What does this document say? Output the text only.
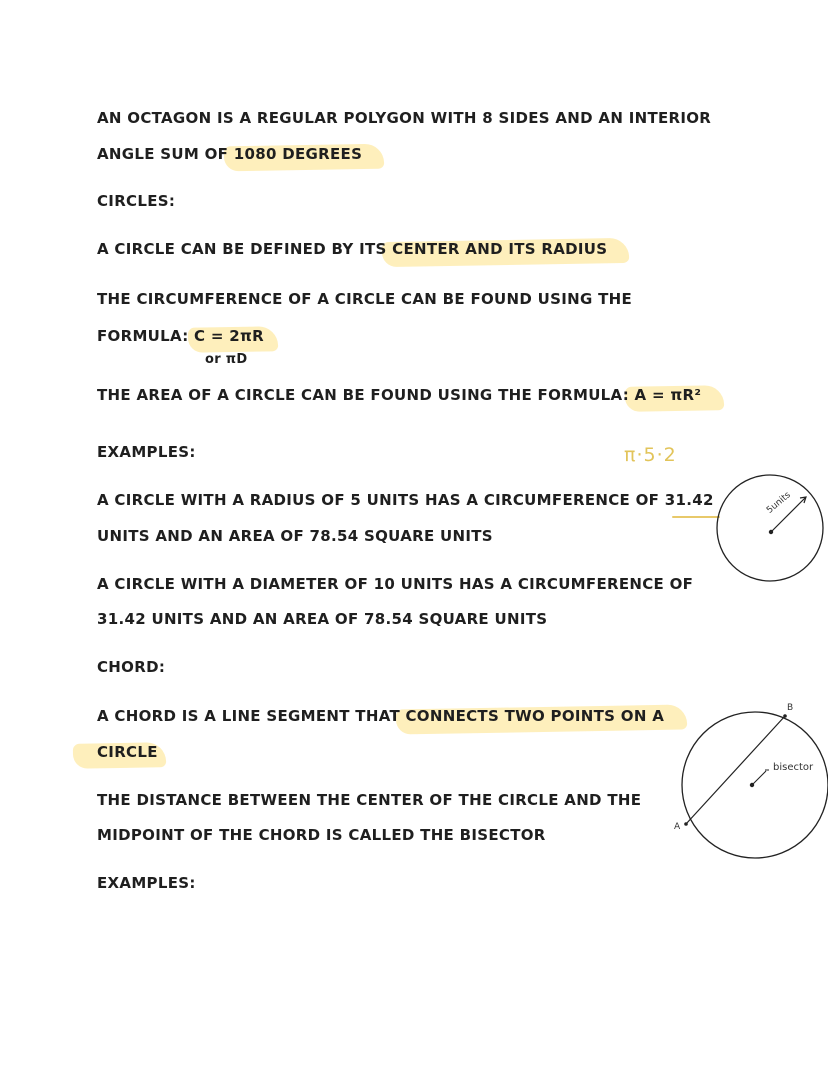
AN OCTAGON IS A REGULAR POLYGON WITH 8 SIDES AND AN INTERIOR
ANGLE SUM OF 1080 DEGREES
CIRCLES:
A CIRCLE CAN BE DEFINED BY ITS CENTER AND ITS RADIUS
THE CIRCUMFERENCE OF A CIRCLE CAN BE FOUND USING THE
FORMULA: C = 2πR
or πD
THE AREA OF A CIRCLE CAN BE FOUND USING THE FORMULA: A = πR²
EXAMPLES:	π·5·2
A CIRCLE WITH A RADIUS OF 5 UNITS HAS A CIRCUMFERENCE OF 31.42
UNITS AND AN AREA OF 78.54 SQUARE UNITS
A CIRCLE WITH A DIAMETER OF 10 UNITS HAS A CIRCUMFERENCE OF
31.42 UNITS AND AN AREA OF 78.54 SQUARE UNITS
CHORD:
A CHORD IS A LINE SEGMENT THAT CONNECTS TWO POINTS ON A
CIRCLE
THE DISTANCE BETWEEN THE CENTER OF THE CIRCLE AND THE
MIDPOINT OF THE CHORD IS CALLED THE BISECTOR
EXAMPLES:
5units
B
A
bisector
